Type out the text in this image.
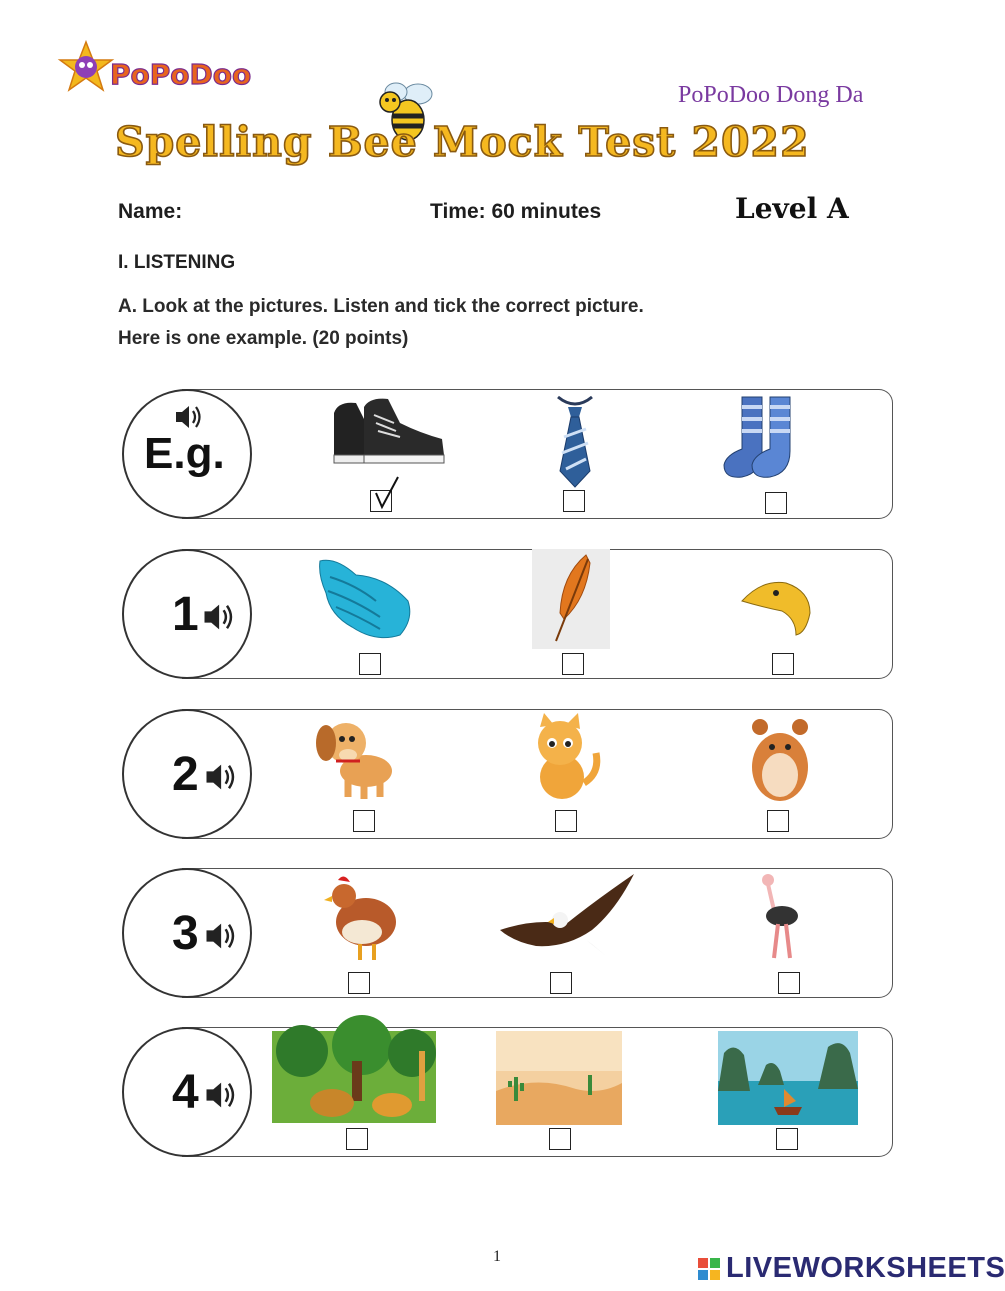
PoPoDoo
PoPoDoo Dong Da
Spelling Bee Mock Test 2022
Name:	Time: 60 minutes	Level A
I. LISTENING
A. Look at the pictures. Listen and tick the correct picture.
Here is one example. (20 points)
E.g.
1
2
3
4
1	LIVEWORKSHEETS
